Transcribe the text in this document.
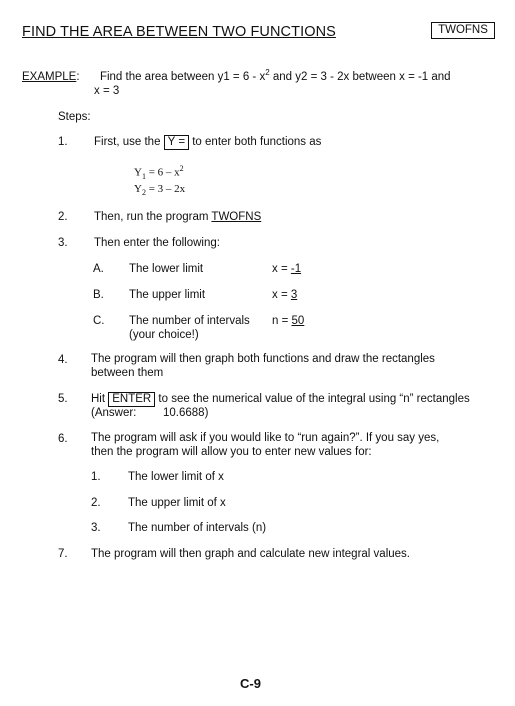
FIND THE AREA BETWEEN TWO FUNCTIONS	TWOFNS
EXAMPLE: Find the area between $y1 = 6 - x^2$ and y2 = 3 - 2x between x = -1 and
x = 3
Steps:
1. First, use the Y = to enter both functions as
$Y_1 = 6 - x^2$
$Y_2 = 3 - 2x$
2. Then, run the program TWOFNS
3. Then enter the following:
A. The lower limit	x = -1
B. The upper limit	x = 3
C. The number of intervals n = 50
(your choice!)
4. The program will then graph both functions and draw the rectangles
between them
5. Hit ENTER to see the numerical value of the integral using “n” rectangles
(Answer: 10.6688)
6. The program will ask if you would like to “run again?”. If you say yes,
then the program will allow you to enter new values for:
1. The lower limit of x
2. The upper limit of x
3. The number of intervals (n)
7. The program will then graph and calculate new integral values.
C-9
